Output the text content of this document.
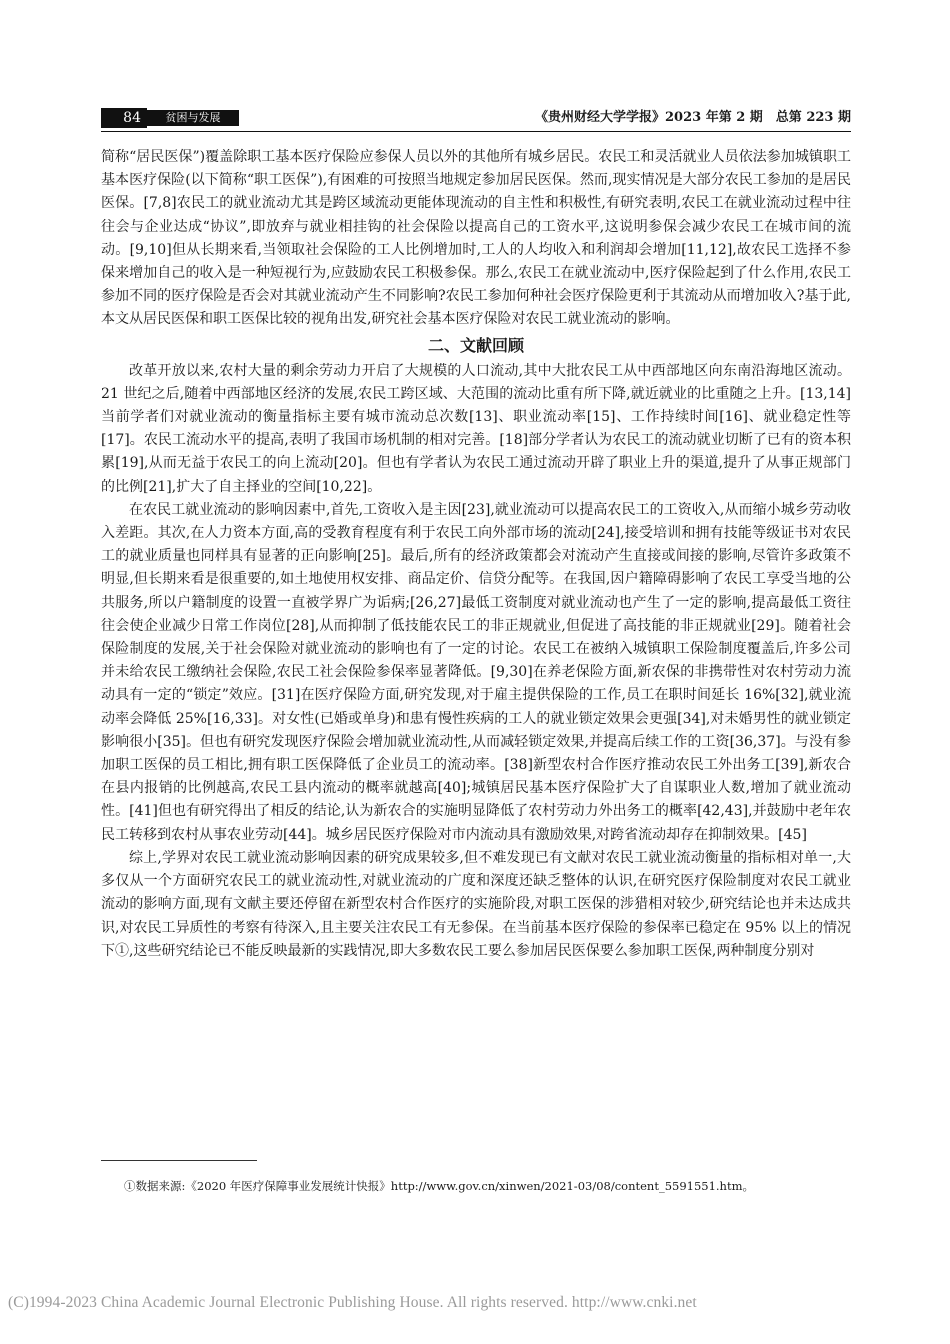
84	贫困与发展	《贵州财经大学学报》2023 年第 2 期　总第 223 期

简称“居民医保”)覆盖除职工基本医疗保险应参保人员以外的其他所有城乡居民。农民工和灵活就业人员依法参加城镇职工基本医疗保险(以下简称“职工医保”),有困难的可按照当地规定参加居民医保。然而,现实情况是大部分农民工参加的是居民医保。[7,8]农民工的就业流动尤其是跨区域流动更能体现流动的自主性和积极性,有研究表明,农民工在就业流动过程中往往会与企业达成“协议”,即放弃与就业相挂钩的社会保险以提高自己的工资水平,这说明参保会减少农民工在城市间的流动。[9,10]但从长期来看,当领取社会保险的工人比例增加时,工人的人均收入和利润却会增加[11,12],故农民工选择不参保来增加自己的收入是一种短视行为,应鼓励农民工积极参保。那么,农民工在就业流动中,医疗保险起到了什么作用,农民工参加不同的医疗保险是否会对其就业流动产生不同影响?农民工参加何种社会医疗保险更利于其流动从而增加收入?基于此,本文从居民医保和职工医保比较的视角出发,研究社会基本医疗保险对农民工就业流动的影响。

二、文献回顾

改革开放以来,农村大量的剩余劳动力开启了大规模的人口流动,其中大批农民工从中西部地区向东南沿海地区流动。21 世纪之后,随着中西部地区经济的发展,农民工跨区域、大范围的流动比重有所下降,就近就业的比重随之上升。[13,14]当前学者们对就业流动的衡量指标主要有城市流动总次数[13]、职业流动率[15]、工作持续时间[16]、就业稳定性等[17]。农民工流动水平的提高,表明了我国市场机制的相对完善。[18]部分学者认为农民工的流动就业切断了已有的资本积累[19],从而无益于农民工的向上流动[20]。但也有学者认为农民工通过流动开辟了职业上升的渠道,提升了从事正规部门的比例[21],扩大了自主择业的空间[10,22]。

在农民工就业流动的影响因素中,首先,工资收入是主因[23],就业流动可以提高农民工的工资收入,从而缩小城乡劳动收入差距。其次,在人力资本方面,高的受教育程度有利于农民工向外部市场的流动[24],接受培训和拥有技能等级证书对农民工的就业质量也同样具有显著的正向影响[25]。最后,所有的经济政策都会对流动产生直接或间接的影响,尽管许多政策不明显,但长期来看是很重要的,如土地使用权安排、商品定价、信贷分配等。在我国,因户籍障碍影响了农民工享受当地的公共服务,所以户籍制度的设置一直被学界广为诟病;[26,27]最低工资制度对就业流动也产生了一定的影响,提高最低工资往往会使企业减少日常工作岗位[28],从而抑制了低技能农民工的非正规就业,但促进了高技能的非正规就业[29]。随着社会保险制度的发展,关于社会保险对就业流动的影响也有了一定的讨论。农民工在被纳入城镇职工保险制度覆盖后,许多公司并未给农民工缴纳社会保险,农民工社会保险参保率显著降低。[9,30]在养老保险方面,新农保的非携带性对农村劳动力流动具有一定的“锁定”效应。[31]在医疗保险方面,研究发现,对于雇主提供保险的工作,员工在职时间延长 16%[32],就业流动率会降低 25%[16,33]。对女性(已婚或单身)和患有慢性疾病的工人的就业锁定效果会更强[34],对未婚男性的就业锁定影响很小[35]。但也有研究发现医疗保险会增加就业流动性,从而减轻锁定效果,并提高后续工作的工资[36,37]。与没有参加职工医保的员工相比,拥有职工医保降低了企业员工的流动率。[38]新型农村合作医疗推动农民工外出务工[39],新农合在县内报销的比例越高,农民工县内流动的概率就越高[40];城镇居民基本医疗保险扩大了自谋职业人数,增加了就业流动性。[41]但也有研究得出了相反的结论,认为新农合的实施明显降低了农村劳动力外出务工的概率[42,43],并鼓励中老年农民工转移到农村从事农业劳动[44]。城乡居民医疗保险对市内流动具有激励效果,对跨省流动却存在抑制效果。[45]

综上,学界对农民工就业流动影响因素的研究成果较多,但不难发现已有文献对农民工就业流动衡量的指标相对单一,大多仅从一个方面研究农民工的就业流动性,对就业流动的广度和深度还缺乏整体的认识,在研究医疗保险制度对农民工就业流动的影响方面,现有文献主要还停留在新型农村合作医疗的实施阶段,对职工医保的涉猎相对较少,研究结论也并未达成共识,对农民工异质性的考察有待深入,且主要关注农民工有无参保。在当前基本医疗保险的参保率已稳定在 95% 以上的情况下①,这些研究结论已不能反映最新的实践情况,即大多数农民工要么参加居民医保要么参加职工医保,两种制度分别对

①数据来源:《2020 年医疗保障事业发展统计快报》http://www.gov.cn/xinwen/2021-03/08/content_5591551.htm。
(C)1994-2023 China Academic Journal Electronic Publishing House. All rights reserved. http://www.cnki.net
